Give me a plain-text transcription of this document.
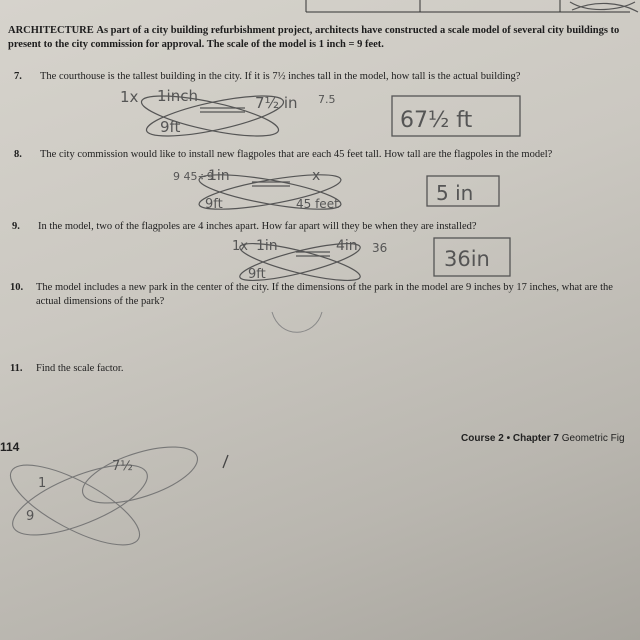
ARCHITECTURE As part of a city building refurbishment project, architects have constructed a scale model of several city buildings to present to the city commission for approval. The scale of the model is 1 inch = 9 feet.
7. The courthouse is the tallest building in the city. If it is 7½ inches tall in the model, how tall is the actual building?
8. The city commission would like to install new flagpoles that are each 45 feet tall. How tall are the flagpoles in the model?
9. In the model, two of the flagpoles are 4 inches apart. How far apart will they be when they are installed?
10. The model includes a new park in the center of the city. If the dimensions of the park in the model are 9 inches by 17 inches, what are the actual dimensions of the park?
11. Find the scale factor.
114
Course 2 • Chapter 7 Geometric Fig
1x 1inch	7½ in
9ft
7.5
67½ ft
9 45÷9
1in	x
9ft	45 feet	5 in
1x 1in	4in 36
9ft
36in
7½
1
9
